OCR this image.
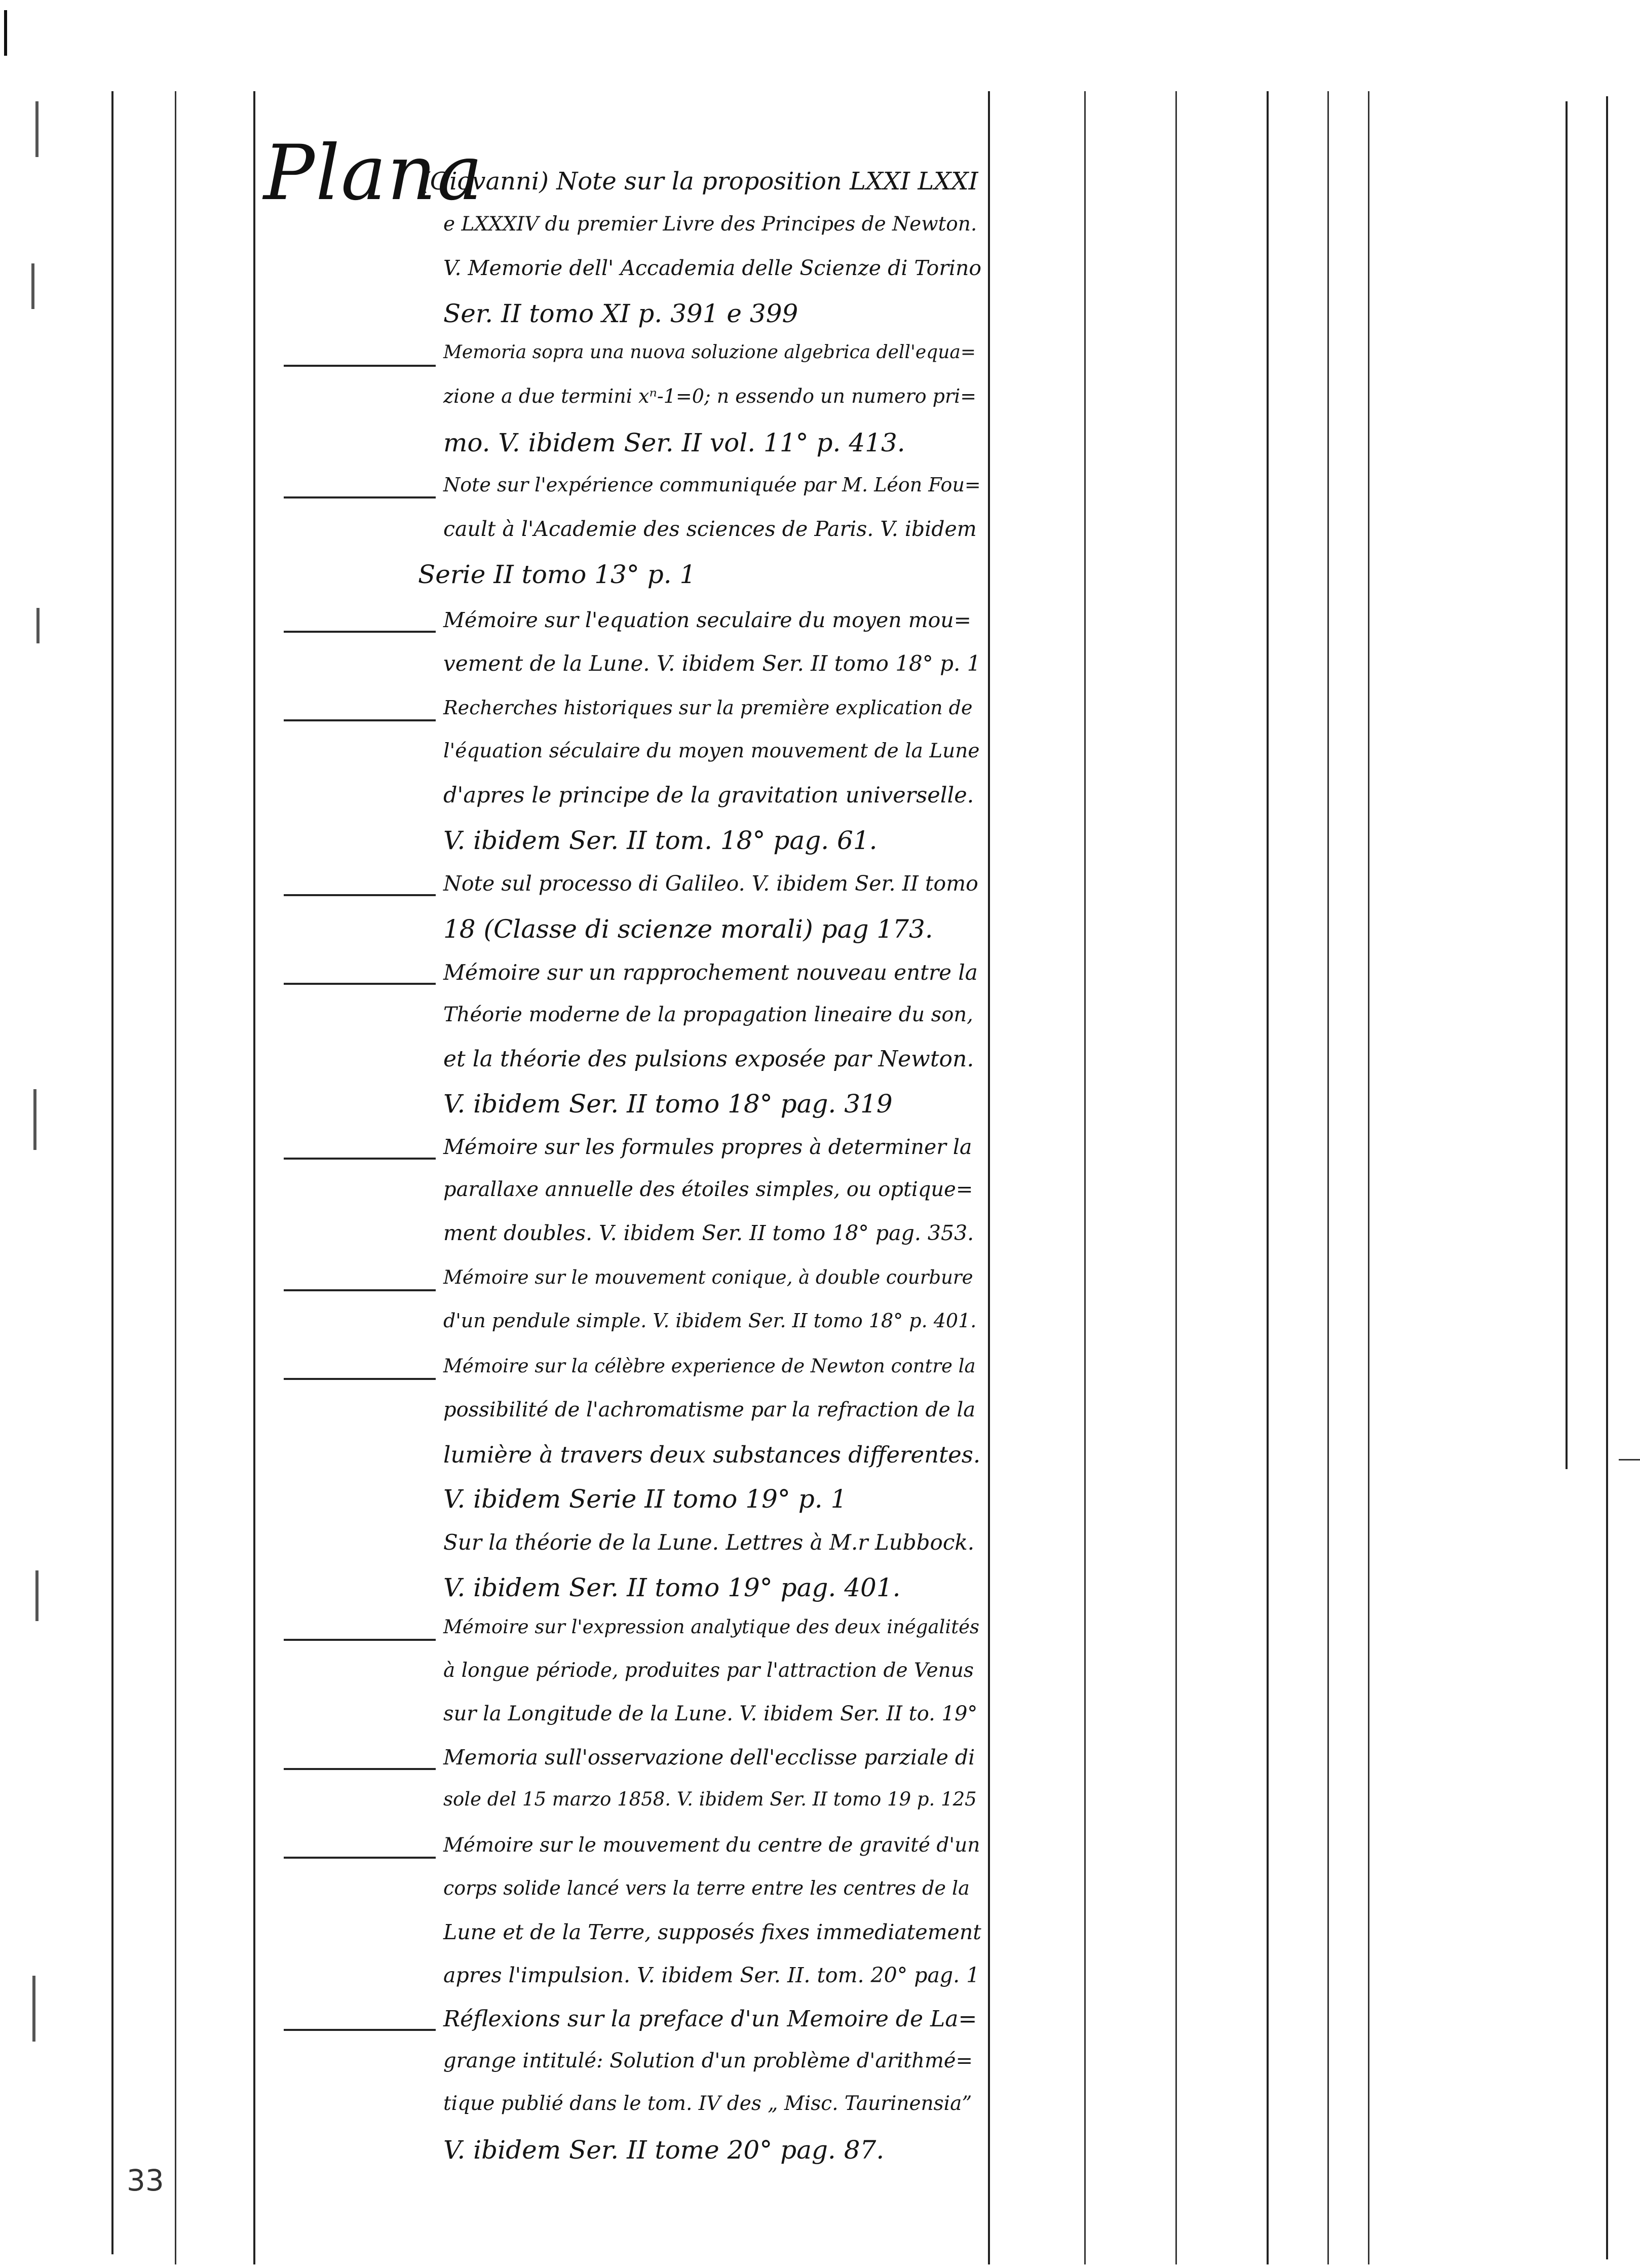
33
Plana
(Giovanni) Note sur la proposition LXXI LXXI
e LXXXIV du premier Livre des Principes de Newton.
V. Memorie dell' Accademia delle Scienze di Torino
Ser. II tomo XI p. 391 e 399
Memoria sopra una nuova soluzione algebrica dell'equa=
zione a due termini xⁿ-1=0; n essendo un numero pri=
mo. V. ibidem Ser. II vol. 11° p. 413.
Note sur l'expérience communiquée par M. Léon Fou=
cault à l'Academie des sciences de Paris. V. ibidem
Serie II tomo 13° p. 1
Mémoire sur l'equation seculaire du moyen mou=
vement de la Lune. V. ibidem Ser. II tomo 18° p. 1
Recherches historiques sur la première explication de
l'équation séculaire du moyen mouvement de la Lune
d'apres le principe de la gravitation universelle.
V. ibidem Ser. II tom. 18° pag. 61.
Note sul processo di Galileo. V. ibidem Ser. II tomo
18 (Classe di scienze morali) pag 173.
Mémoire sur un rapprochement nouveau entre la
Théorie moderne de la propagation lineaire du son,
et la théorie des pulsions exposée par Newton.
V. ibidem Ser. II tomo 18° pag. 319
Mémoire sur les formules propres à determiner la
parallaxe annuelle des étoiles simples, ou optique=
ment doubles. V. ibidem Ser. II tomo 18° pag. 353.
Mémoire sur le mouvement conique, à double courbure
d'un pendule simple. V. ibidem Ser. II tomo 18° p. 401.
Mémoire sur la célèbre experience de Newton contre la
possibilité de l'achromatisme par la refraction de la
lumière à travers deux substances differentes.
V. ibidem Serie II tomo 19° p. 1
Sur la théorie de la Lune. Lettres à M.r Lubbock.
V. ibidem Ser. II tomo 19° pag. 401.
Mémoire sur l'expression analytique des deux inégalités
à longue période, produites par l'attraction de Venus
sur la Longitude de la Lune. V. ibidem Ser. II to. 19°
Memoria sull'osservazione dell'ecclisse parziale di
sole del 15 marzo 1858. V. ibidem Ser. II tomo 19 p. 125
Mémoire sur le mouvement du centre de gravité d'un
corps solide lancé vers la terre entre les centres de la
Lune et de la Terre, supposés fixes immediatement
apres l'impulsion. V. ibidem Ser. II. tom. 20° pag. 1
Réflexions sur la preface d'un Memoire de La=
grange intitulé: Solution d'un problème d'arithmé=
tique publié dans le tom. IV des „ Misc. Taurinensia”
V. ibidem Ser. II tome 20° pag. 87.
